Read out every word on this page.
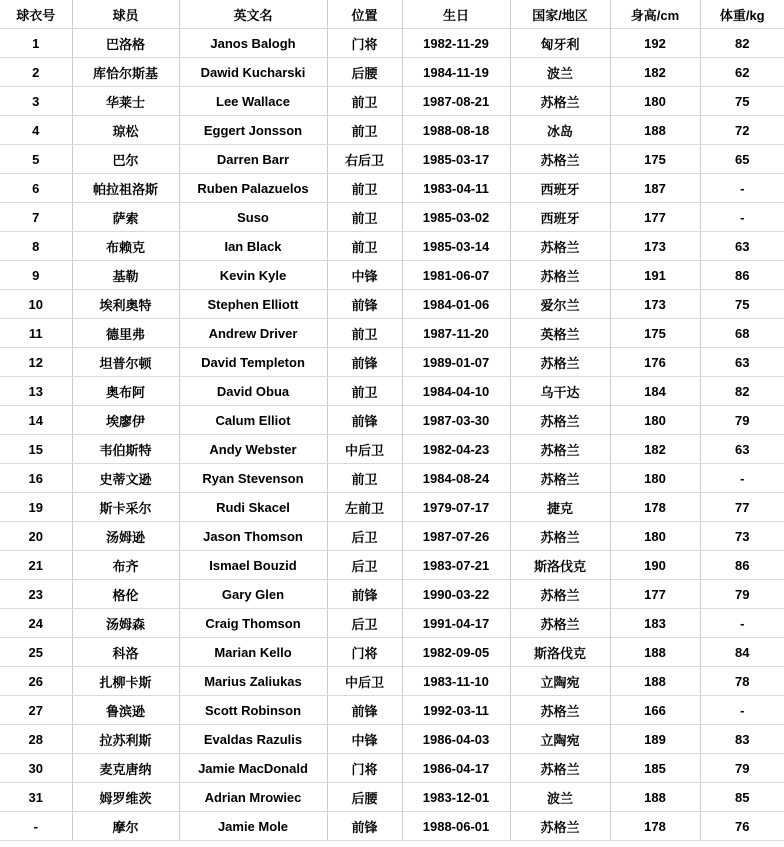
球衣号	球员	英文名	位置	生日	国家/地区	身高/cm	体重/kg
1	巴洛格	Janos Balogh	门将	1982-11-29	匈牙利	192	82
2	库恰尔斯基	Dawid Kucharski	后腰	1984-11-19	波兰	182	62
3	华莱士	Lee Wallace	前卫	1987-08-21	苏格兰	180	75
4	琼松	Eggert Jonsson	前卫	1988-08-18	冰岛	188	72
5	巴尔	Darren Barr	右后卫	1985-03-17	苏格兰	175	65
6	帕拉祖洛斯	Ruben Palazuelos	前卫	1983-04-11	西班牙	187	-
7	萨索	Suso	前卫	1985-03-02	西班牙	177	-
8	布赖克	Ian Black	前卫	1985-03-14	苏格兰	173	63
9	基勒	Kevin Kyle	中锋	1981-06-07	苏格兰	191	86
10	埃利奥特	Stephen Elliott	前锋	1984-01-06	爱尔兰	173	75
11	德里弗	Andrew Driver	前卫	1987-11-20	英格兰	175	68
12	坦普尔顿	David Templeton	前锋	1989-01-07	苏格兰	176	63
13	奥布阿	David Obua	前卫	1984-04-10	乌干达	184	82
14	埃廖伊	Calum Elliot	前锋	1987-03-30	苏格兰	180	79
15	韦伯斯特	Andy Webster	中后卫	1982-04-23	苏格兰	182	63
16	史蒂文逊	Ryan Stevenson	前卫	1984-08-24	苏格兰	180	-
19	斯卡采尔	Rudi Skacel	左前卫	1979-07-17	捷克	178	77
20	汤姆逊	Jason Thomson	后卫	1987-07-26	苏格兰	180	73
21	布齐	Ismael Bouzid	后卫	1983-07-21	斯洛伐克	190	86
23	格伦	Gary Glen	前锋	1990-03-22	苏格兰	177	79
24	汤姆森	Craig Thomson	后卫	1991-04-17	苏格兰	183	-
25	科洛	Marian Kello	门将	1982-09-05	斯洛伐克	188	84
26	扎柳卡斯	Marius Zaliukas	中后卫	1983-11-10	立陶宛	188	78
27	鲁滨逊	Scott Robinson	前锋	1992-03-11	苏格兰	166	-
28	拉苏利斯	Evaldas Razulis	中锋	1986-04-03	立陶宛	189	83
30	麦克唐纳	Jamie MacDonald	门将	1986-04-17	苏格兰	185	79
31	姆罗维茨	Adrian Mrowiec	后腰	1983-12-01	波兰	188	85
-	摩尔	Jamie Mole	前锋	1988-06-01	苏格兰	178	76
